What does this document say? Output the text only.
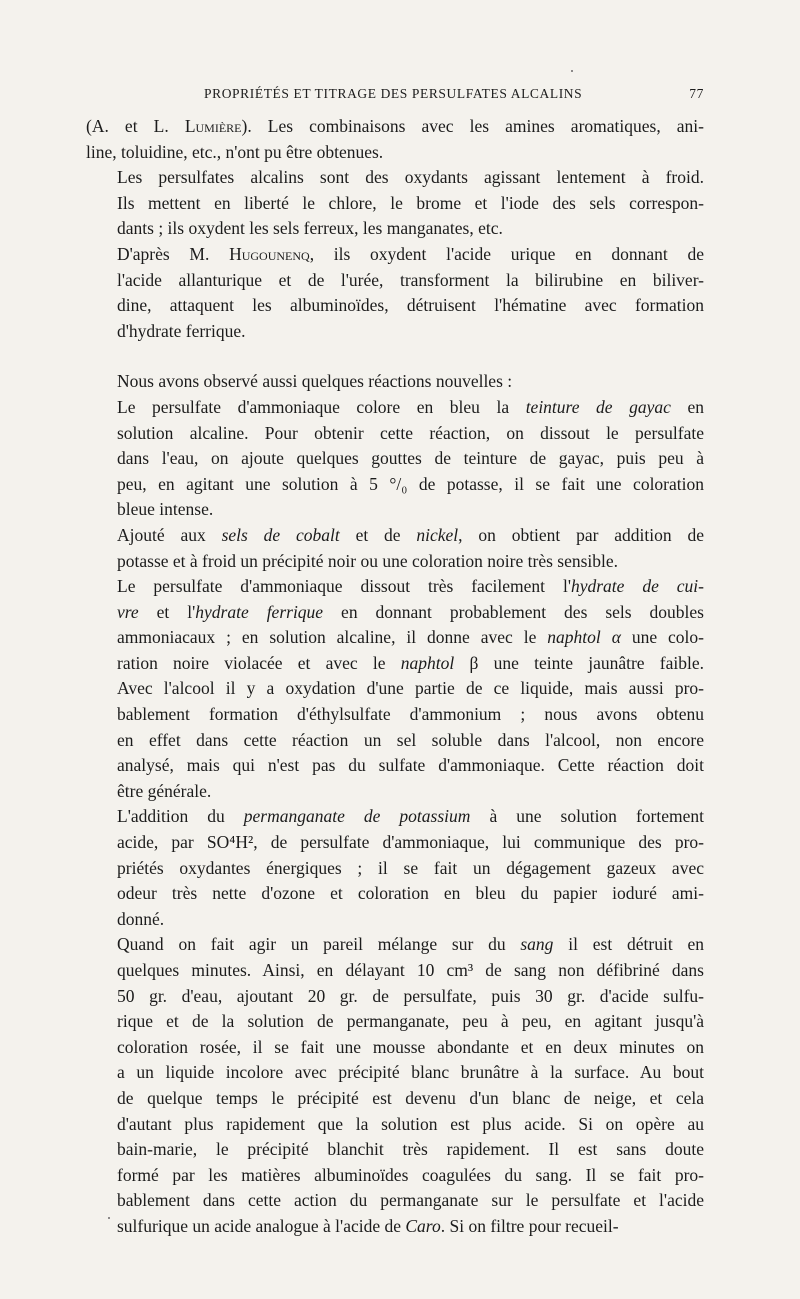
PROPRIÉTÉS ET TITRAGE DES PERSULFATES ALCALINS	77

(A. et L. Lumière). Les combinaisons avec les amines aromatiques, ani-
line, toluidine, etc., n'ont pu être obtenues.

Les persulfates alcalins sont des oxydants agissant lentement à froid.
Ils mettent en liberté le chlore, le brome et l'iode des sels correspon-
dants ; ils oxydent les sels ferreux, les manganates, etc.

D'après M. Hugounenq, ils oxydent l'acide urique en donnant de
l'acide allanturique et de l'urée, transforment la bilirubine en biliver-
dine, attaquent les albuminoïdes, détruisent l'hématine avec formation
d'hydrate ferrique.

Nous avons observé aussi quelques réactions nouvelles :

Le persulfate d'ammoniaque colore en bleu la teinture de gayac en
solution alcaline. Pour obtenir cette réaction, on dissout le persulfate
dans l'eau, on ajoute quelques gouttes de teinture de gayac, puis peu à
peu, en agitant une solution à 5 °/₀ de potasse, il se fait une coloration
bleue intense.

Ajouté aux sels de cobalt et de nickel, on obtient par addition de
potasse et à froid un précipité noir ou une coloration noire très sensible.

Le persulfate d'ammoniaque dissout très facilement l'hydrate de cui-
vre et l'hydrate ferrique en donnant probablement des sels doubles
ammoniacaux ; en solution alcaline, il donne avec le naphtol α une colo-
ration noire violacée et avec le naphtol β une teinte jaunâtre faible.
Avec l'alcool il y a oxydation d'une partie de ce liquide, mais aussi pro-
bablement formation d'éthylsulfate d'ammonium ; nous avons obtenu
en effet dans cette réaction un sel soluble dans l'alcool, non encore
analysé, mais qui n'est pas du sulfate d'ammoniaque. Cette réaction doit
être générale.

L'addition du permanganate de potassium à une solution fortement
acide, par SO⁴H², de persulfate d'ammoniaque, lui communique des pro-
priétés oxydantes énergiques ; il se fait un dégagement gazeux avec
odeur très nette d'ozone et coloration en bleu du papier ioduré ami-
donné.

Quand on fait agir un pareil mélange sur du sang il est détruit en
quelques minutes. Ainsi, en délayant 10 cm³ de sang non défibriné dans
50 gr. d'eau, ajoutant 20 gr. de persulfate, puis 30 gr. d'acide sulfu-
rique et de la solution de permanganate, peu à peu, en agitant jusqu'à
coloration rosée, il se fait une mousse abondante et en deux minutes on
a un liquide incolore avec précipité blanc brunâtre à la surface. Au bout
de quelque temps le précipité est devenu d'un blanc de neige, et cela
d'autant plus rapidement que la solution est plus acide. Si on opère au
bain-marie, le précipité blanchit très rapidement. Il est sans doute
formé par les matières albuminoïdes coagulées du sang. Il se fait pro-
bablement dans cette action du permanganate sur le persulfate et l'acide
sulfurique un acide analogue à l'acide de Caro. Si on filtre pour recueil-
